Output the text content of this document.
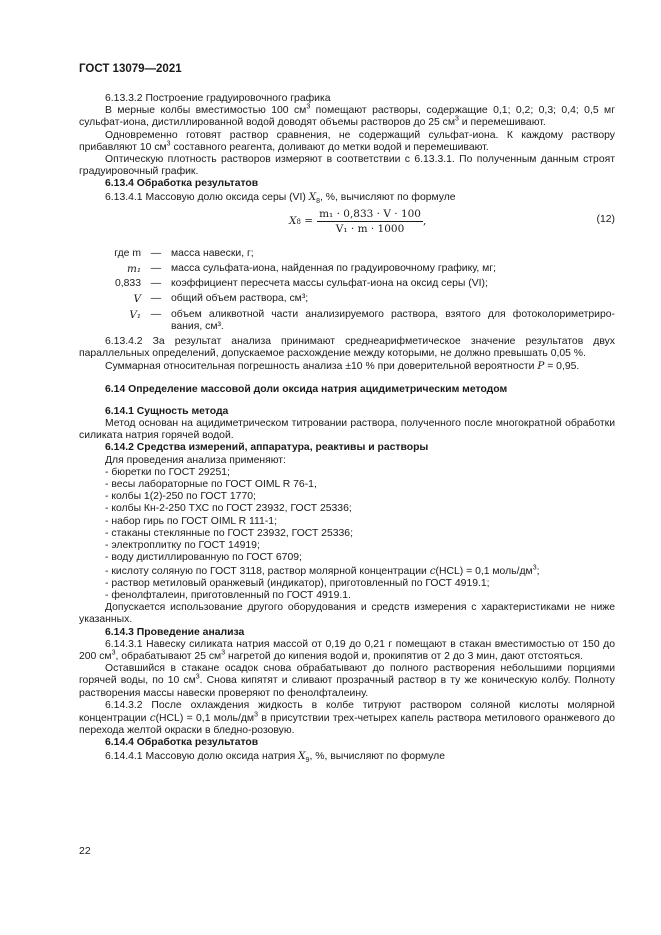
ГОСТ 13079—2021

6.13.3.2 Построение градуировочного графика

В мерные колбы вместимостью 100 $см^3$ помещают растворы, содержащие 0,1; 0,2; 0,3; 0,4; 0,5 мг сульфат-иона, дистиллированной водой доводят объемы растворов до 25 $см^3$ и перемешивают.

Одновременно готовят раствор сравнения, не содержащий сульфат-иона. К каждому раствору прибавляют 10 $см^3$ составного реагента, доливают до метки водой и перемешивают.

Оптическую плотность растворов измеряют в соответствии с 6.13.3.1. По полученным данным строят градуировочный график.

6.13.4 Обработка результатов

6.13.4.1 Массовую долю оксида серы (VI) $X_8$, %, вычисляют по формуле

X $8 = \frac{\text{m₁ · 0,833 · V · 100}}{\text{V₁ · m · 1000}}$ ,	(12)
где m — масса навески, г;
m₁ — масса сульфата-иона, найденная по градуировочному графику, мг;
0,833 — коэффициент пересчета массы сульфат-иона на оксид серы (VI);
V — общий объем раствора, см³;
V₁ — объем аликвотной части анализируемого раствора, взятого для фотоколориметриро-вания, см³.

6.13.4.2 За результат анализа принимают среднеарифметическое значение результатов двух параллельных определений, допускаемое расхождение между которыми, не должно превышать 0,05 %.

Суммарная относительная погрешность анализа ±10 % при доверительной вероятности P = 0,95.

6.14 Определение массовой доли оксида натрия ацидиметрическим методом

6.14.1 Сущность метода

Метод основан на ацидиметрическом титровании раствора, полученного после многократной обработки силиката натрия горячей водой.

6.14.2 Средства измерений, аппаратура, реактивы и растворы

Для проведения анализа применяют:

- бюретки по ГОСТ 29251;

- весы лабораторные по ГОСТ OIML R 76-1,

- колбы 1(2)-250 по ГОСТ 1770;

- колбы Кн-2-250 ТХС по ГОСТ 23932, ГОСТ 25336;

- набор гирь по ГОСТ OIML R 111-1;

- стаканы стеклянные по ГОСТ 23932, ГОСТ 25336;

- электроплитку по ГОСТ 14919;

- воду дистиллированную по ГОСТ 6709;

- кислоту соляную по ГОСТ 3118, раствор молярной концентрации c(HCL) = 0,1 моль/$дм^3$;

- раствор метиловый оранжевый (индикатор), приготовленный по ГОСТ 4919.1;

- фенолфталеин, приготовленный по ГОСТ 4919.1.

Допускается использование другого оборудования и средств измерения с характеристиками не ниже указанных.

6.14.3 Проведение анализа

6.14.3.1 Навеску силиката натрия массой от 0,19 до 0,21 г помещают в стакан вместимостью от 150 до 200 $см^3$, обрабатывают 25 $см^3$ нагретой до кипения водой и, прокипятив от 2 до 3 мин, дают отстояться.

Оставшийся в стакане осадок снова обрабатывают до полного растворения небольшими порциями горячей воды, по 10 $см^3$. Снова кипятят и сливают прозрачный раствор в ту же коническую колбу. Полноту растворения массы навески проверяют по фенолфталеину.

6.14.3.2 После охлаждения жидкость в колбе титруют раствором соляной кислоты молярной концентрации c(HCL) = 0,1 моль/$дм^3$ в присутствии трех-четырех капель раствора метилового оранжевого до перехода желтой окраски в бледно-розовую.

6.14.4 Обработка результатов

6.14.4.1 Массовую долю оксида натрия $X_9$, %, вычисляют по формуле

22
